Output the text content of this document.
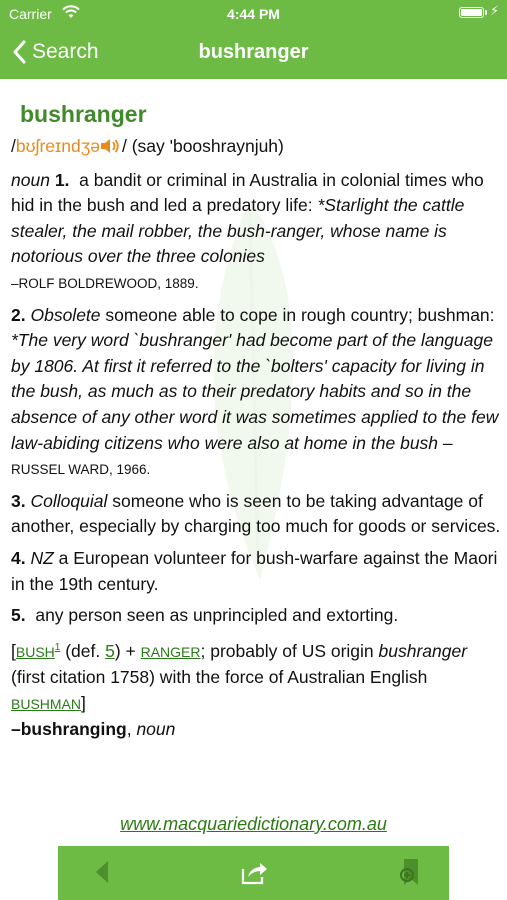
Carrier	4:44 PM	⚡
Search	bushranger
bushranger

/bʊʃreɪndʒə / (say 'booshraynjuh)

noun 1. a bandit or criminal in Australia in colonial times who hid in the bush and led a predatory life: *Starlight the cattle stealer, the mail robber, the bush-ranger, whose name is notorious over the three colonies
–ROLF BOLDREWOOD, 1889.

2. Obsolete someone able to cope in rough country; bushman: *The very word `bushranger' had become part of the language by 1806. At first it referred to the `bolters' capacity for living in the bush, as much as to their predatory habits and so in the absence of any other word it was sometimes applied to the few law-abiding citizens who were also at home in the bush –
RUSSEL WARD, 1966.

3. Colloquial someone who is seen to be taking advantage of another, especially by charging too much for goods or services.

4. NZ a European volunteer for bush-warfare against the Maori in the 19th century.

5. any person seen as unprincipled and extorting.

[BUSH$^1$ (def. 5) + RANGER; probably of US origin bushranger (first citation 1758) with the force of Australian English BUSHMAN]
–bushranging, noun

www.macquariedictionary.com.au
